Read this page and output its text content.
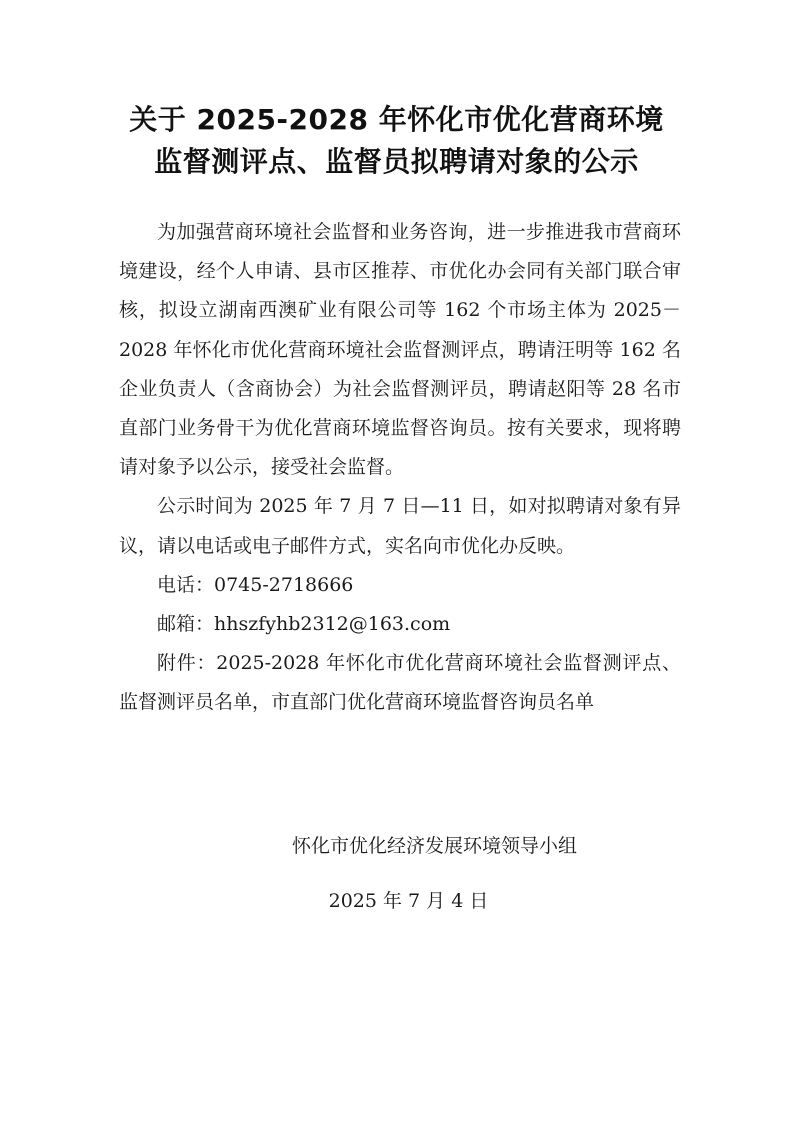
关于 2025-2028 年怀化市优化营商环境
监督测评点、监督员拟聘请对象的公示

为加强营商环境社会监督和业务咨询，进一步推进我市营商环境建设，经个人申请、县市区推荐、市优化办会同有关部门联合审核，拟设立湖南西澳矿业有限公司等 162 个市场主体为 2025－2028 年怀化市优化营商环境社会监督测评点，聘请汪明等 162 名企业负责人（含商协会）为社会监督测评员，聘请赵阳等 28 名市直部门业务骨干为优化营商环境监督咨询员。按有关要求，现将聘请对象予以公示，接受社会监督。

公示时间为 2025 年 7 月 7 日—11 日，如对拟聘请对象有异议，请以电话或电子邮件方式，实名向市优化办反映。

电话：0745-2718666

邮箱：hhszfyhb2312@163.com

附件：2025-2028 年怀化市优化营商环境社会监督测评点、监督测评员名单，市直部门优化营商环境监督咨询员名单

怀化市优化经济发展环境领导小组
2025 年 7 月 4 日
